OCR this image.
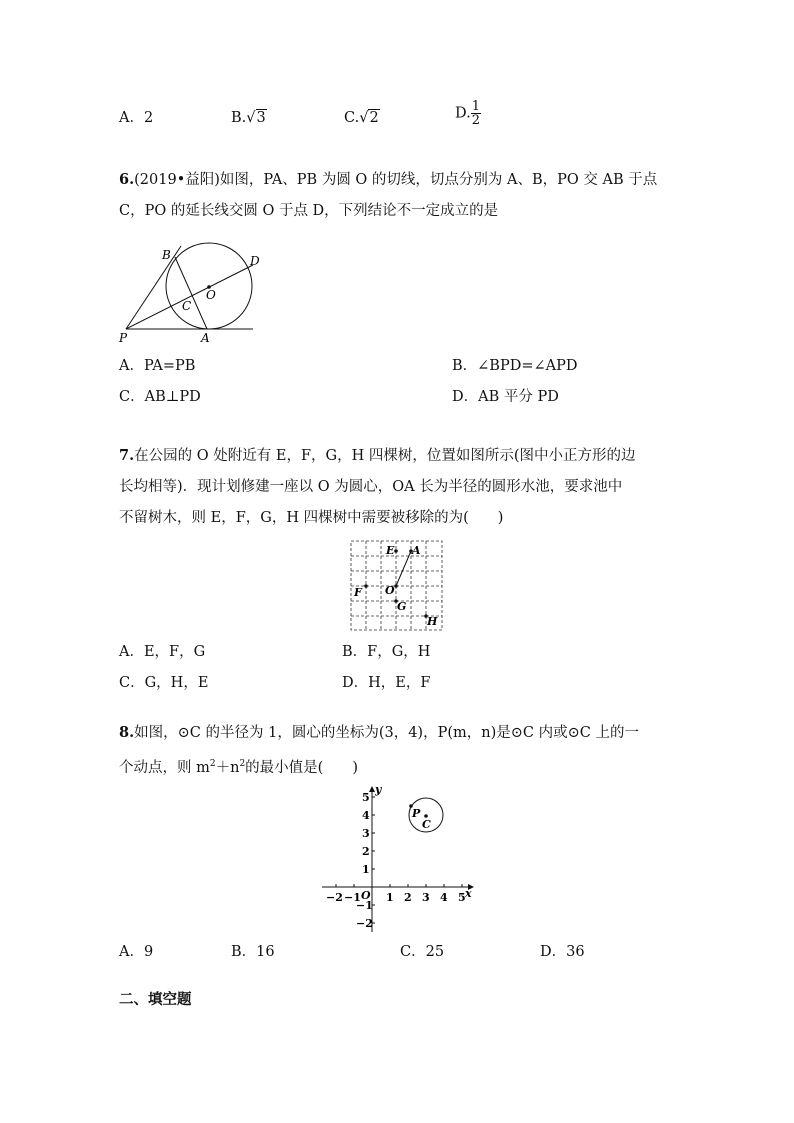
A．2	B.√3	C.√2	D. $\frac{1}{2}$
6.(2019•益阳)如图，PA、PB 为圆 O 的切线，切点分别为 A、B，PO 交 AB 于点
C，PO 的延长线交圆 O 于点 D，下列结论不一定成立的是
B	D
O
C
P	A
A．PA=PB	B．∠BPD=∠APD
C．AB⊥PD	D．AB 平分 PD
7.在公园的 O 处附近有 E，F，G，H 四棵树，位置如图所示(图中小正方形的边
长均相等)．现计划修建一座以 O 为圆心，OA 长为半径的圆形水池，要求池中
不留树木，则 E，F，G，H 四棵树中需要被移除的为(　　)
E A
F O
G
H
A．E，F，G	B．F，G，H
C．G，H，E	D．H，E，F
8.如图，⊙C 的半径为 1，圆心的坐标为(3，4)，P(m，n)是⊙C 内或⊙C 上的一
个动点，则 $m^2+n^2$的最小值是(　　)
y
x
O
−2 −1 1 2 3 4 5
5
4
3
2
1
−1
−2
P
C
A．9	B．16	C．25	D．36
二、填空题
